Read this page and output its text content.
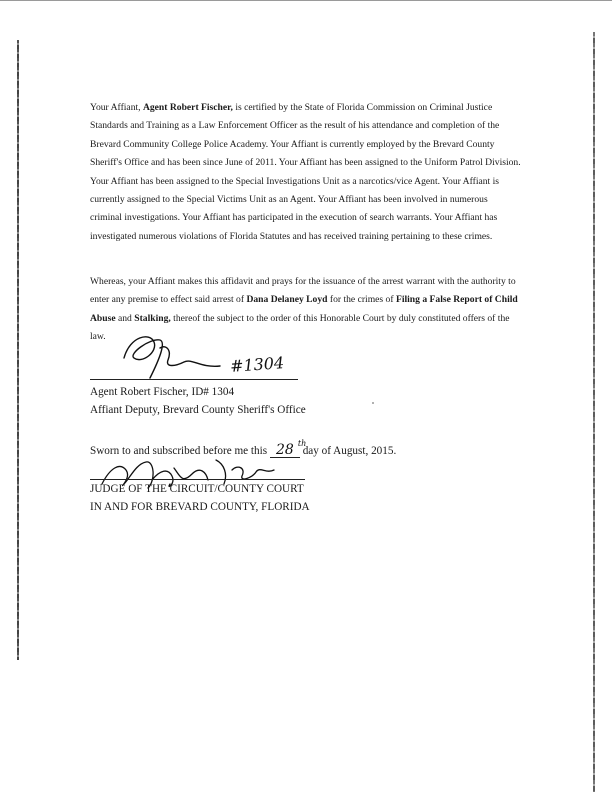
Your Affiant, Agent Robert Fischer, is certified by the State of Florida Commission on Criminal Justice Standards and Training as a Law Enforcement Officer as the result of his attendance and completion of the Brevard Community College Police Academy. Your Affiant is currently employed by the Brevard County Sheriff's Office and has been since June of 2011. Your Affiant has been assigned to the Uniform Patrol Division. Your Affiant has been assigned to the Special Investigations Unit as a narcotics/vice Agent. Your Affiant is currently assigned to the Special Victims Unit as an Agent. Your Affiant has been involved in numerous criminal investigations. Your Affiant has participated in the execution of search warrants. Your Affiant has investigated numerous violations of Florida Statutes and has received training pertaining to these crimes.

Whereas, your Affiant makes this affidavit and prays for the issuance of the arrest warrant with the authority to enter any premise to effect said arrest of Dana Delaney Loyd for the crimes of Filing a False Report of Child Abuse and Stalking, thereof the subject to the order of this Honorable Court by duly constituted offers of the law.

#1304
Agent Robert Fischer, ID# 1304
Affiant Deputy, Brevard County Sheriff's Office
Sworn to and subscribed before me this 28 th
day of August, 2015.
JUDGE OF THE CIRCUIT/COUNTY COURT
IN AND FOR BREVARD COUNTY, FLORIDA
